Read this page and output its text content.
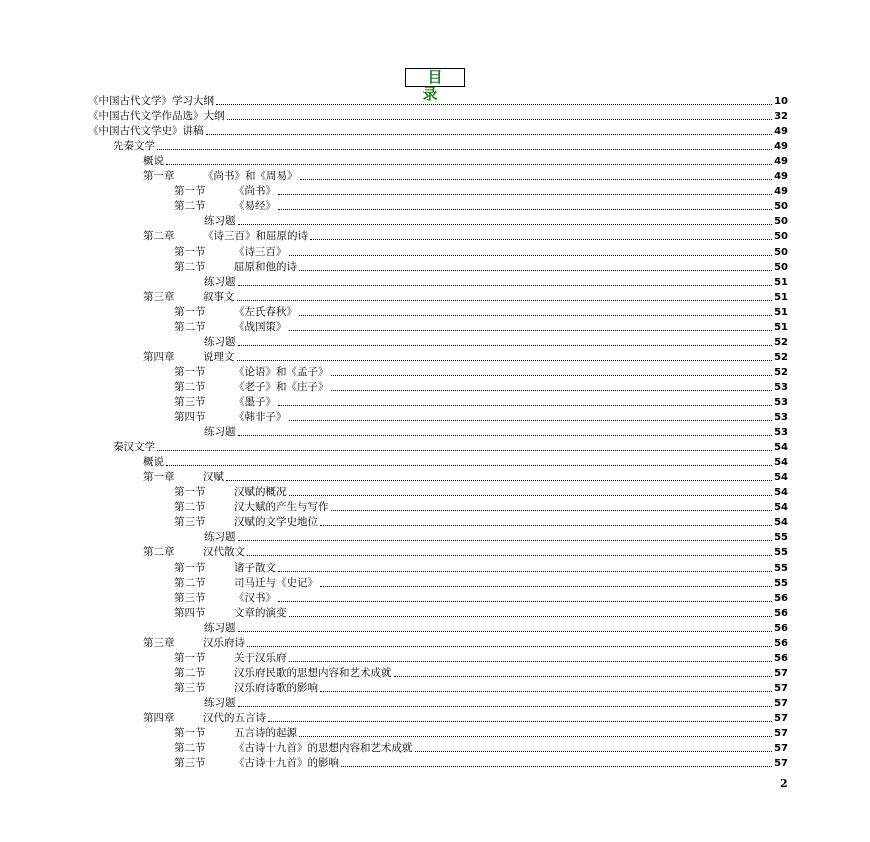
目 录
《中国古代文学》学习大纲	10
《中国古代文学作品选》大纲	32
《中国古代文学史》讲稿	49
先秦文学	49
概说	49
第一章	《尚书》和《周易》	49
第一节	《尚书》	49
第二节	《易经》	50
练习题	50
第二章	《诗三百》和屈原的诗	50
第一节	《诗三百》	50
第二节	屈原和他的诗	50
练习题	51
第三章	叙事文	51
第一节	《左氏春秋》	51
第二节	《战国策》	51
练习题	52
第四章	说理文	52
第一节	《论语》和《孟子》	52
第二节	《老子》和《庄子》	53
第三节	《墨子》	53
第四节	《韩非子》	53
练习题	53
秦汉文学	54
概说	54
第一章	汉赋	54
第一节	汉赋的概况	54
第二节	汉大赋的产生与写作	54
第三节	汉赋的文学史地位	54
练习题	55
第二章	汉代散文	55
第一节	诸子散文	55
第二节	司马迁与《史记》	55
第三节	《汉书》	56
第四节	文章的演变	56
练习题	56
第三章	汉乐府诗	56
第一节	关于汉乐府	56
第二节	汉乐府民歌的思想内容和艺术成就	57
第三节	汉乐府诗歌的影响	57
练习题	57
第四章	汉代的五言诗	57
第一节	五言诗的起源	57
第二节	《古诗十九首》的思想内容和艺术成就	57
第三节	《古诗十九首》的影响	57
2
